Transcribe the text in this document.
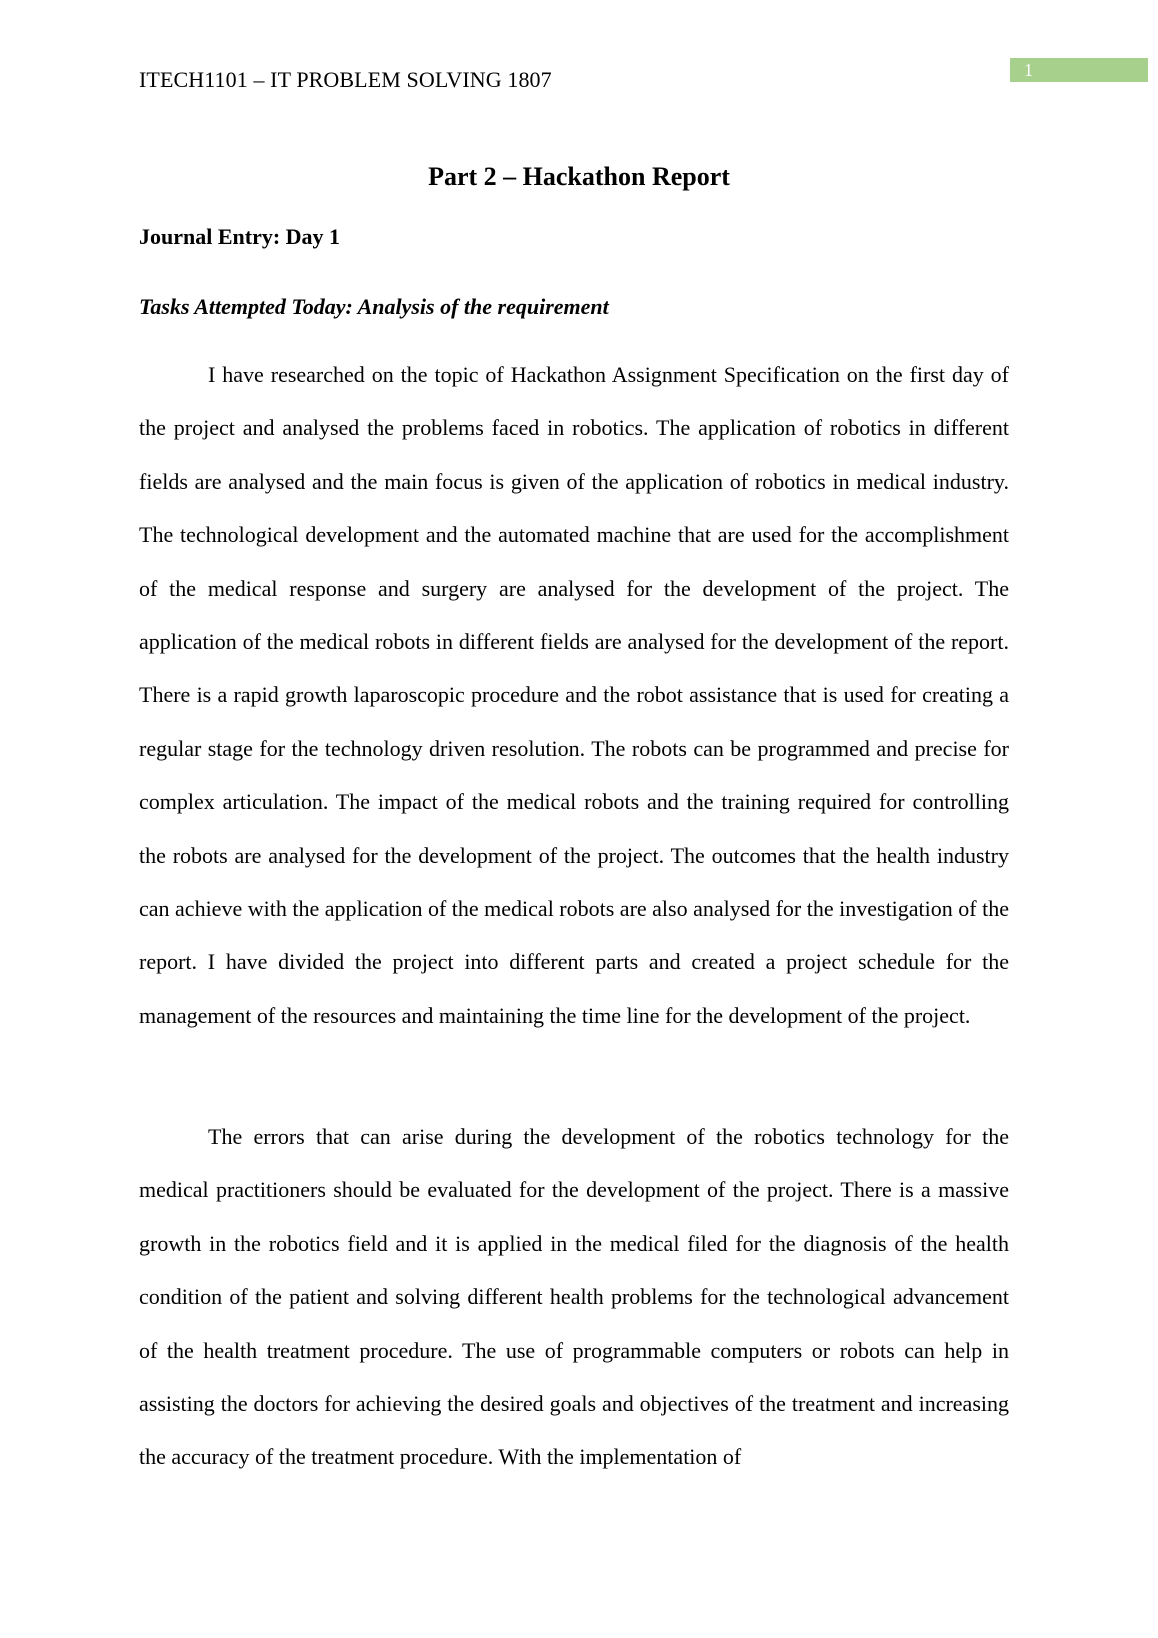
1
ITECH1101 – IT PROBLEM SOLVING 1807
Part 2 – Hackathon Report
Journal Entry: Day 1
Tasks Attempted Today: Analysis of the requirement

I have researched on the topic of Hackathon Assignment Specification on the first day of the project and analysed the problems faced in robotics. The application of robotics in different fields are analysed and the main focus is given of the application of robotics in medical industry. The technological development and the automated machine that are used for the accomplishment of the medical response and surgery are analysed for the development of the project. The application of the medical robots in different fields are analysed for the development of the report. There is a rapid growth laparoscopic procedure and the robot assistance that is used for creating a regular stage for the technology driven resolution. The robots can be programmed and precise for complex articulation. The impact of the medical robots and the training required for controlling the robots are analysed for the development of the project. The outcomes that the health industry can achieve with the application of the medical robots are also analysed for the investigation of the report. I have divided the project into different parts and created a project schedule for the management of the resources and maintaining the time line for the development of the project.

The errors that can arise during the development of the robotics technology for the medical practitioners should be evaluated for the development of the project. There is a massive growth in the robotics field and it is applied in the medical filed for the diagnosis of the health condition of the patient and solving different health problems for the technological advancement of the health treatment procedure. The use of programmable computers or robots can help in assisting the doctors for achieving the desired goals and objectives of the treatment and increasing the accuracy of the treatment procedure. With the implementation of
